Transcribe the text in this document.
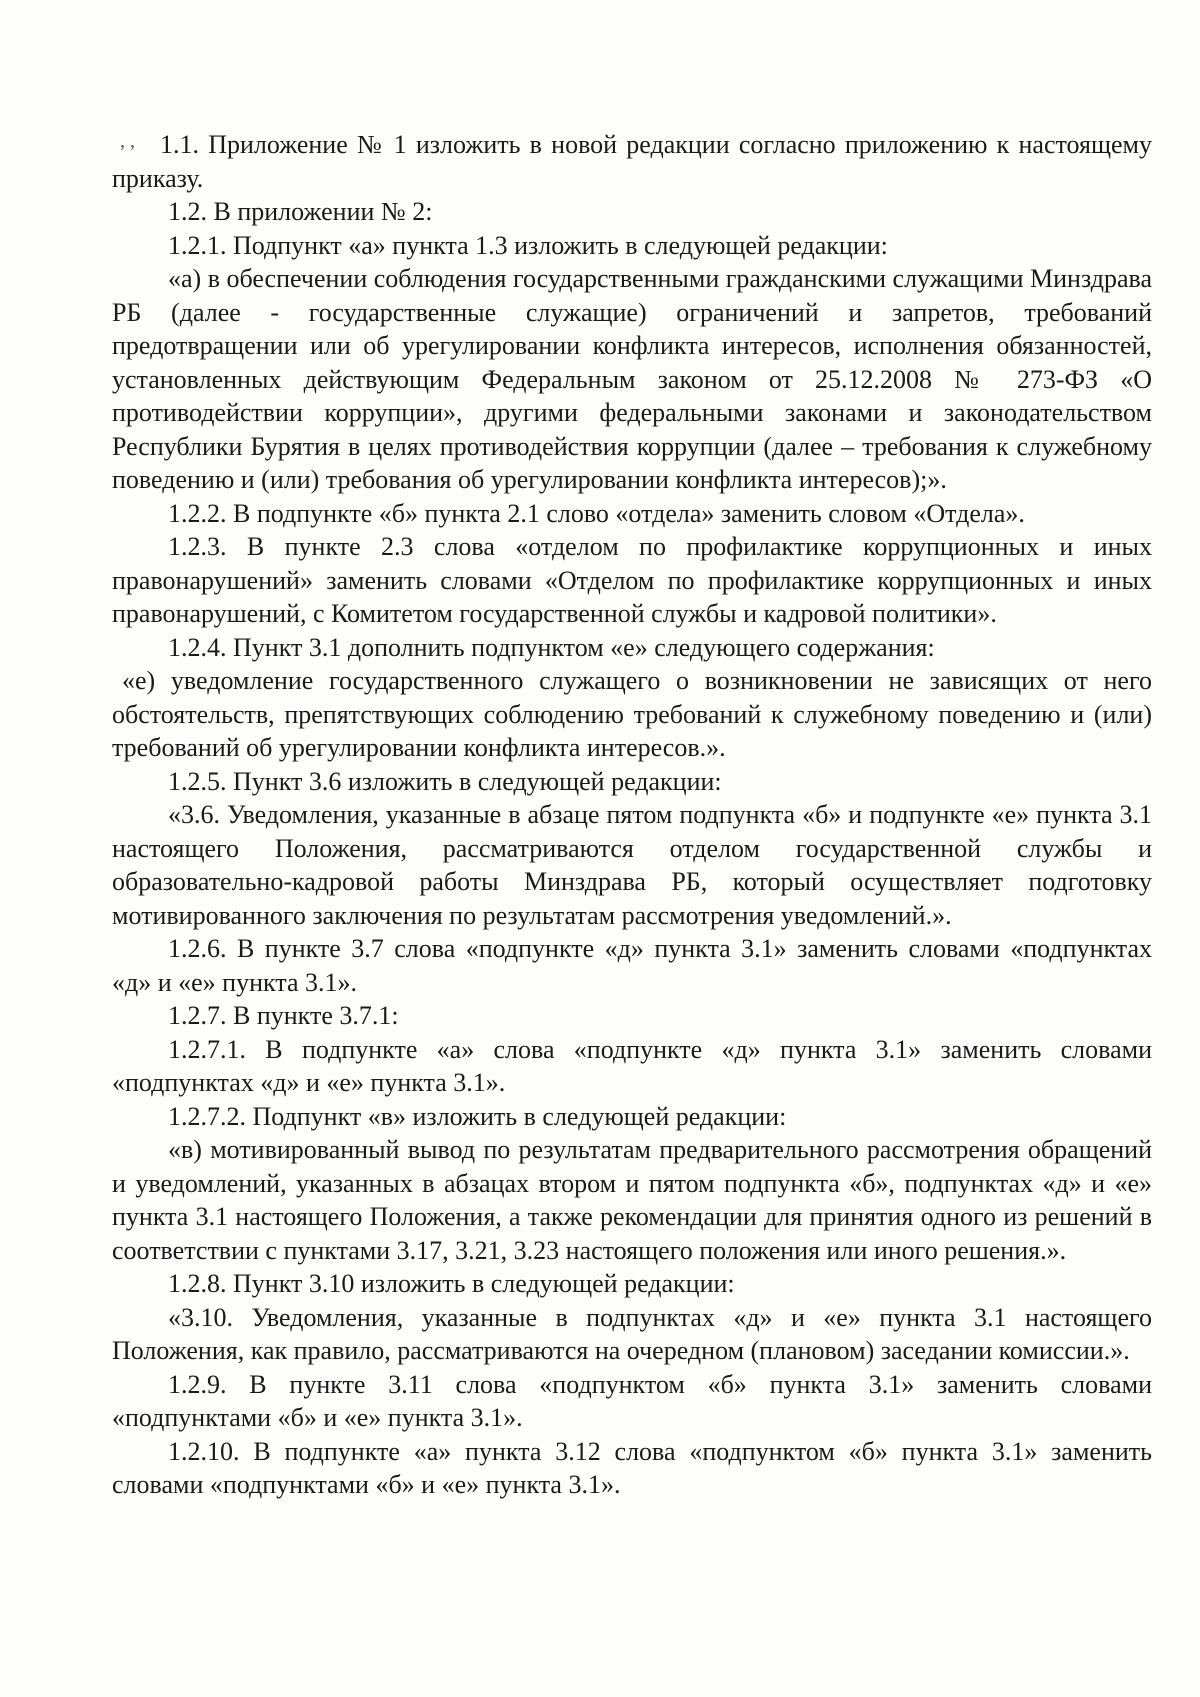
, , 1.1. Приложение № 1 изложить в новой редакции согласно приложению к настоящему приказу.

1.2. В приложении № 2:

1.2.1. Подпункт «а» пункта 1.3 изложить в следующей редакции:

«а) в обеспечении соблюдения государственными гражданскими служащими Минздрава РБ (далее - государственные служащие) ограничений и запретов, требований предотвращении или об урегулировании конфликта интересов, исполнения обязанностей, установленных действующим Федеральным законом от 25.12.2008 № 273-ФЗ «О противодействии коррупции», другими федеральными законами и законодательством Республики Бурятия в целях противодействия коррупции (далее – требования к служебному поведению и (или) требования об урегулировании конфликта интересов);».

1.2.2. В подпункте «б» пункта 2.1 слово «отдела» заменить словом «Отдела».

1.2.3. В пункте 2.3 слова «отделом по профилактике коррупционных и иных правонарушений» заменить словами «Отделом по профилактике коррупционных и иных правонарушений, с Комитетом государственной службы и кадровой политики».

1.2.4. Пункт 3.1 дополнить подпунктом «е» следующего содержания:

«е) уведомление государственного служащего о возникновении не зависящих от него обстоятельств, препятствующих соблюдению требований к служебному поведению и (или) требований об урегулировании конфликта интересов.».

1.2.5. Пункт 3.6 изложить в следующей редакции:

«3.6. Уведомления, указанные в абзаце пятом подпункта «б» и подпункте «е» пункта 3.1 настоящего Положения, рассматриваются отделом государственной службы и образовательно-кадровой работы Минздрава РБ, который осуществляет подготовку мотивированного заключения по результатам рассмотрения уведомлений.».

1.2.6. В пункте 3.7 слова «подпункте «д» пункта 3.1» заменить словами «подпунктах «д» и «е» пункта 3.1».

1.2.7. В пункте 3.7.1:

1.2.7.1. В подпункте «а» слова «подпункте «д» пункта 3.1» заменить словами «подпунктах «д» и «е» пункта 3.1».

1.2.7.2. Подпункт «в» изложить в следующей редакции:

«в) мотивированный вывод по результатам предварительного рассмотрения обращений и уведомлений, указанных в абзацах втором и пятом подпункта «б», подпунктах «д» и «е» пункта 3.1 настоящего Положения, а также рекомендации для принятия одного из решений в соответствии с пунктами 3.17, 3.21, 3.23 настоящего положения или иного решения.».

1.2.8. Пункт 3.10 изложить в следующей редакции:

«3.10. Уведомления, указанные в подпунктах «д» и «е» пункта 3.1 настоящего Положения, как правило, рассматриваются на очередном (плановом) заседании комиссии.».

1.2.9. В пункте 3.11 слова «подпунктом «б» пункта 3.1» заменить словами «подпунктами «б» и «е» пункта 3.1».

1.2.10. В подпункте «а» пункта 3.12 слова «подпунктом «б» пункта 3.1» заменить словами «подпунктами «б» и «е» пункта 3.1».
